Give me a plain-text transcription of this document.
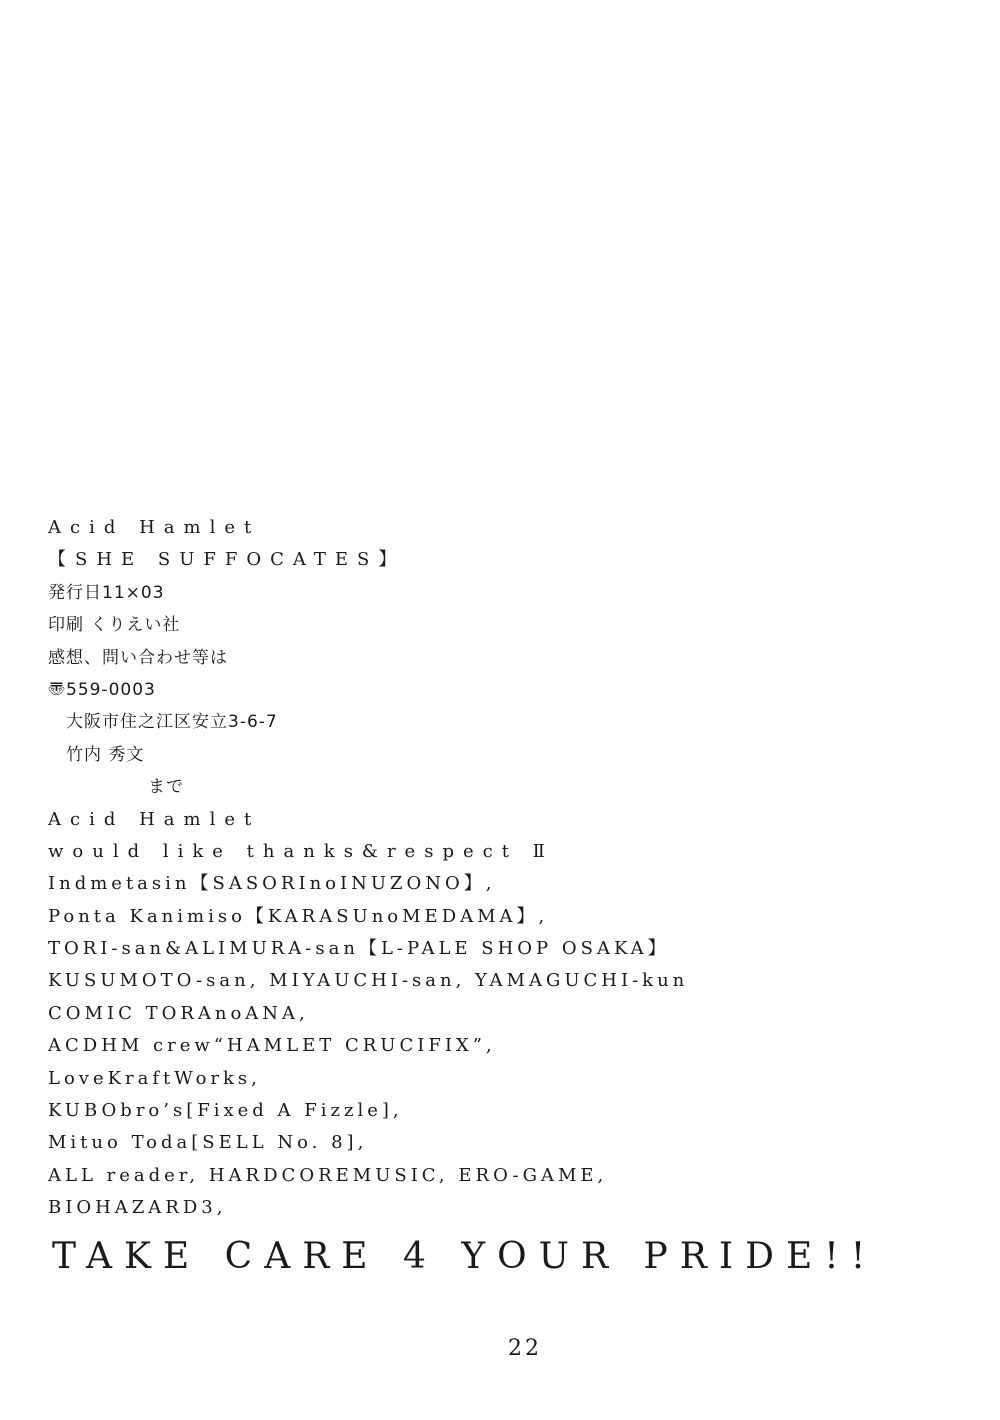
Acid Hamlet
【SHE SUFFOCATES】
発行日11×03
印刷 くりえい社
感想、問い合わせ等は
〠559-0003
大阪市住之江区安立3-6-7
竹内 秀文
まで
Acid Hamlet
would like thanks&respect Ⅱ
Indmetasin【SASORInoINUZONO】,
Ponta Kanimiso【KARASUnoMEDAMA】,
TORI-san&ALIMURA-san【L-PALE SHOP OSAKA】
KUSUMOTO-san, MIYAUCHI-san, YAMAGUCHI-kun
COMIC TORAnoANA,
ACDHM crew“HAMLET CRUCIFIX”,
LoveKraftWorks,
KUBObro’s[Fixed A Fizzle],
Mituo Toda[SELL No. 8],
ALL reader, HARDCOREMUSIC, ERO-GAME,
BIOHAZARD3,
TAKE CARE 4 YOUR PRIDE!!
22
